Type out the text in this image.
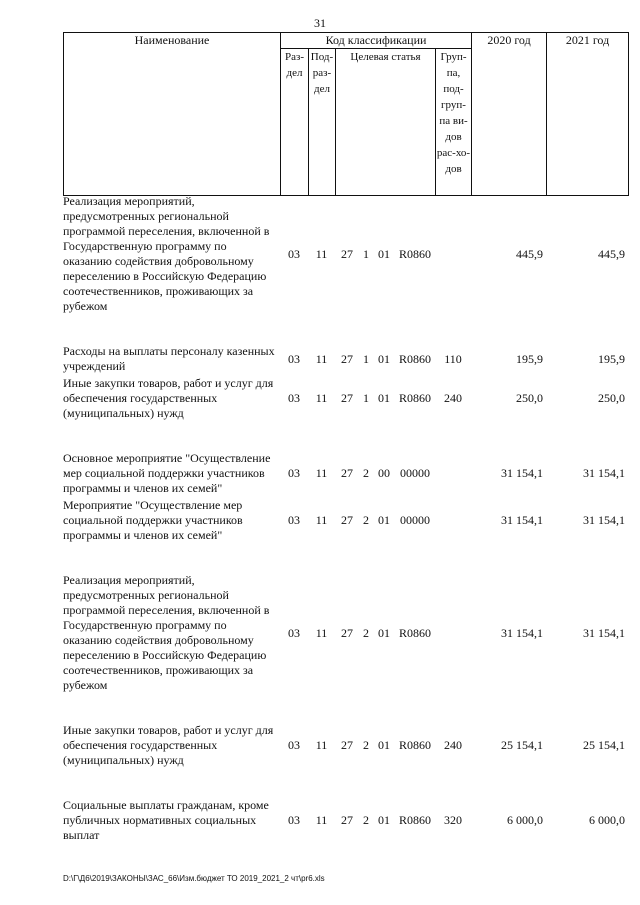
31
Наименование	Код классификации				2020 год	2021 год
	Раз-дел	Под-раз-дел	Целевая статья	Груп-па, под-груп-па ви-дов рас-хо-дов		
Реализация мероприятий, предусмотренных региональной программой переселения, включенной в Государственную программу по оказанию содействия добровольному переселению в Российскую Федерацию соотечественников, проживающих за рубежом	03	11	27	1	01	R0860		445,9	445,9
Расходы на выплаты персоналу казенных учреждений	03	11	27	1	01	R0860	110	195,9	195,9
Иные закупки товаров, работ и услуг для обеспечения государственных (муниципальных) нужд	03	11	27	1	01	R0860	240	250,0	250,0
Основное мероприятие "Осуществление мер социальной поддержки участников программы и членов их семей"	03	11	27	2	00	00000		31 154,1	31 154,1
Мероприятие "Осуществление мер социальной поддержки участников программы и членов их семей"	03	11	27	2	01	00000		31 154,1	31 154,1
Реализация мероприятий, предусмотренных региональной программой переселения, включенной в Государственную программу по оказанию содействия добровольному переселению в Российскую Федерацию соотечественников, проживающих за рубежом	03	11	27	2	01	R0860		31 154,1	31 154,1
Иные закупки товаров, работ и услуг для обеспечения государственных (муниципальных) нужд	03	11	27	2	01	R0860	240	25 154,1	25 154,1
Социальные выплаты гражданам, кроме публичных нормативных социальных выплат	03	11	27	2	01	R0860	320	6 000,0	6 000,0
D:\Г\Д6\2019\ЗАКОНЫ\ЗАС_66\Изм.бюджет ТО 2019_2021_2 чт\pr6.xls
